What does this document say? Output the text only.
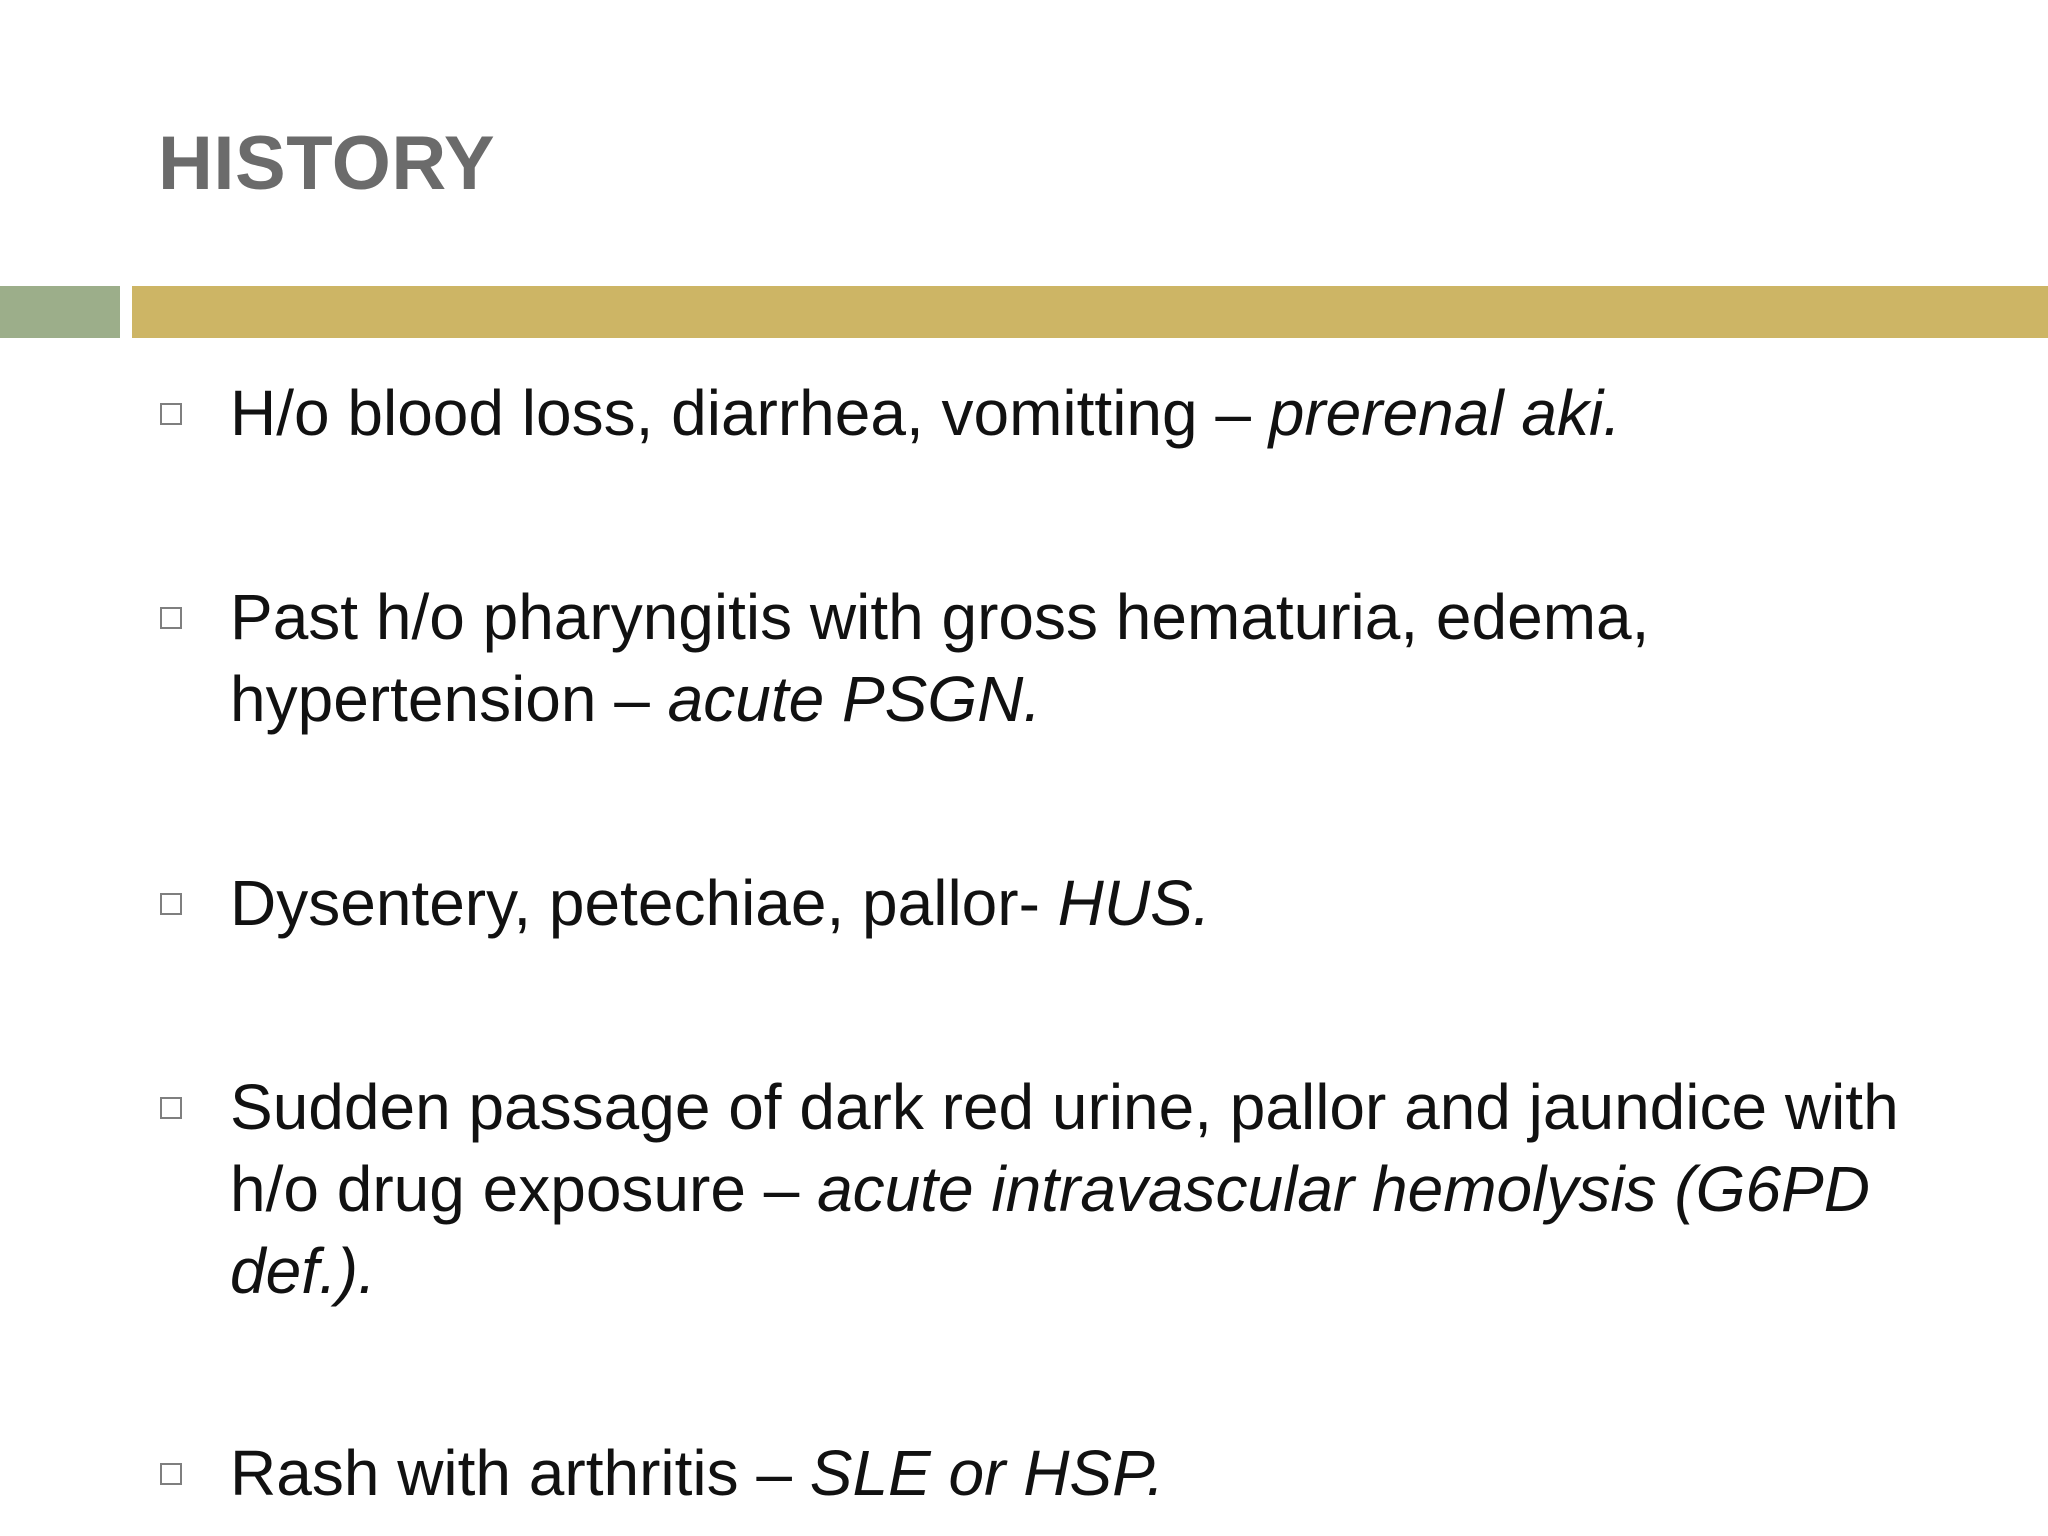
HISTORY
H/o blood loss, diarrhea, vomitting – prerenal aki.
Past h/o pharyngitis with gross hematuria, edema, hypertension – acute PSGN.
Dysentery, petechiae, pallor- HUS.
Sudden passage of dark red urine, pallor and jaundice with h/o drug exposure – acute intravascular hemolysis (G6PD def.).
Rash with arthritis – SLE or HSP.
